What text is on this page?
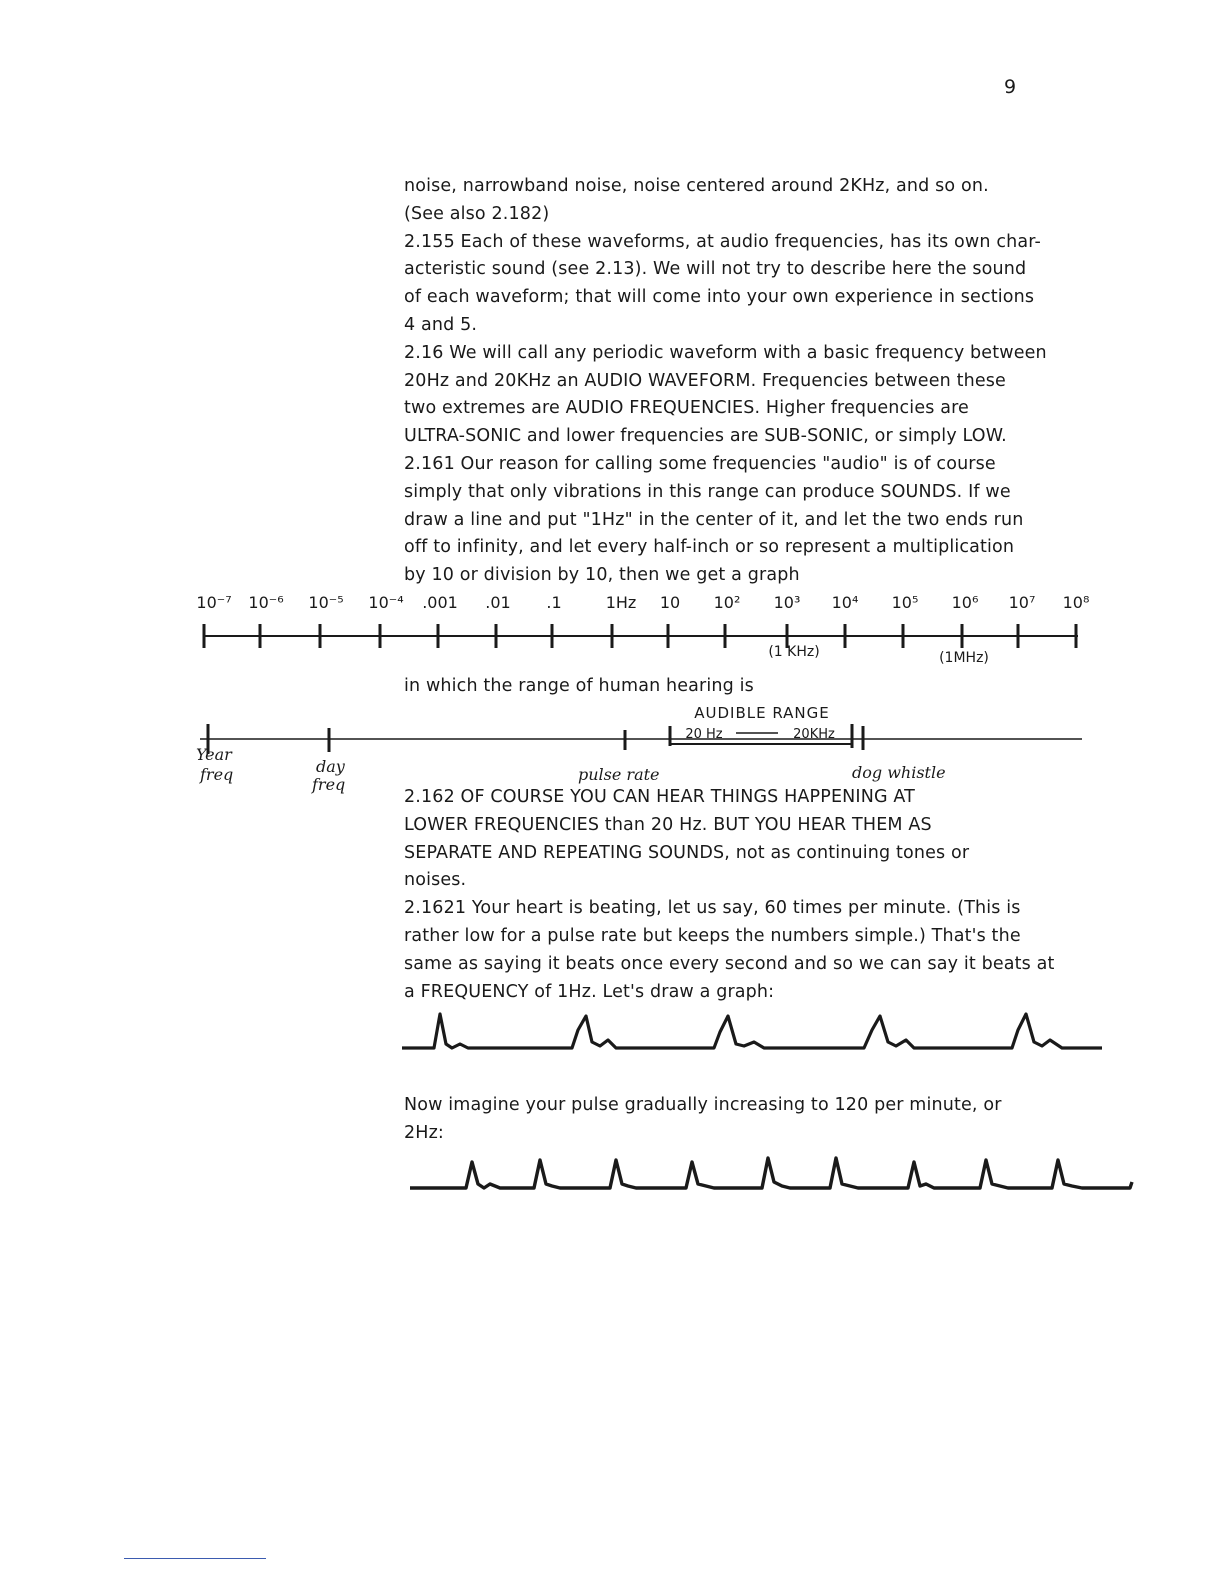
9

noise, narrowband noise, noise centered around 2KHz, and so on.
(See also 2.182)
2.155 Each of these waveforms, at audio frequencies, has its own char-
acteristic sound (see 2.13). We will not try to describe here the sound
of each waveform; that will come into your own experience in sections
4 and 5.
2.16 We will call any periodic waveform with a basic frequency between
20Hz and 20KHz an AUDIO WAVEFORM. Frequencies between these
two extremes are AUDIO FREQUENCIES. Higher frequencies are
ULTRA-SONIC and lower frequencies are SUB-SONIC, or simply LOW.
2.161 Our reason for calling some frequencies "audio" is of course
simply that only vibrations in this range can produce SOUNDS. If we
draw a line and put "1Hz" in the center of it, and let the two ends run
off to infinity, and let every half-inch or so represent a multiplication
by 10 or division by 10, then we get a graph

10⁻⁷ 10⁻⁶ 10⁻⁵ 10⁻⁴ .001 .01 .1	1Hz 10 10² 10³ 10⁴ 10⁵ 10⁶ 10⁷ 10⁸
(1 KHz)	(1MHz)

in which the range of human hearing is

AUDIBLE RANGE
20 Hz	20KHz
Year
freq	day
freq
pulse rate	dog whistle

2.162 OF COURSE YOU CAN HEAR THINGS HAPPENING AT
LOWER FREQUENCIES than 20 Hz. BUT YOU HEAR THEM AS
SEPARATE AND REPEATING SOUNDS, not as continuing tones or
noises.
2.1621 Your heart is beating, let us say, 60 times per minute. (This is
rather low for a pulse rate but keeps the numbers simple.) That's the
same as saying it beats once every second and so we can say it beats at
a FREQUENCY of 1Hz. Let's draw a graph:

Now imagine your pulse gradually increasing to 120 per minute, or
2Hz:
